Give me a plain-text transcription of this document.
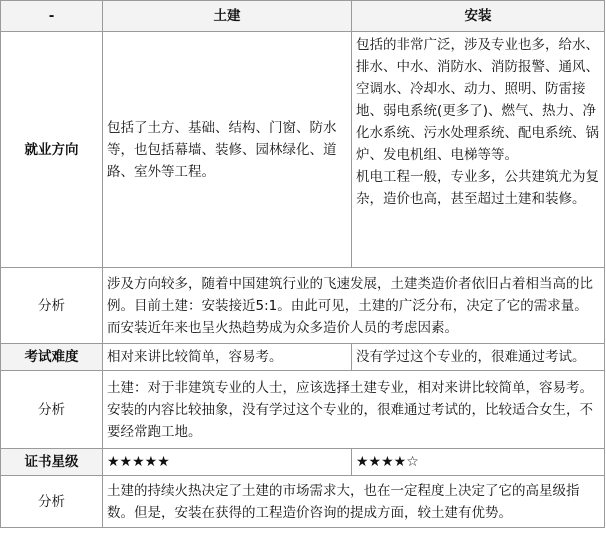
-	土建	安装
就业方向	包括了土方、基础、结构、门窗、防水等，也包括幕墙、装修、园林绿化、道路、室外等工程。	包括的非常广泛，涉及专业也多，给水、排水、中水、消防水、消防报警、通风、空调水、冷却水、动力、照明、防雷接地、弱电系统(更多了)、燃气、热力、净化水系统、污水处理系统、配电系统、锅炉、发电机组、电梯等等。

机电工程一般，专业多，公共建筑尤为复杂，造价也高，甚至超过土建和装修。

分析	涉及方向较多，随着中国建筑行业的飞速发展，土建类造价者依旧占着相当高的比例。目前土建：安装接近5:1。由此可见，土建的广泛分布，决定了它的需求量。而安装近年来也呈火热趋势成为众多造价人员的考虑因素。	
考试难度	相对来讲比较简单，容易考。	没有学过这个专业的，很难通过考试。
分析	土建：对于非建筑专业的人士，应该选择土建专业，相对来讲比较简单，容易考。安装的内容比较抽象，没有学过这个专业的，很难通过考试的，比较适合女生，不要经常跑工地。	
证书星级	★★★★★	★★★★☆
分析	土建的持续火热决定了土建的市场需求大，也在一定程度上决定了它的高星级指数。但是，安装在获得的工程造价咨询的提成方面，较土建有优势。	
